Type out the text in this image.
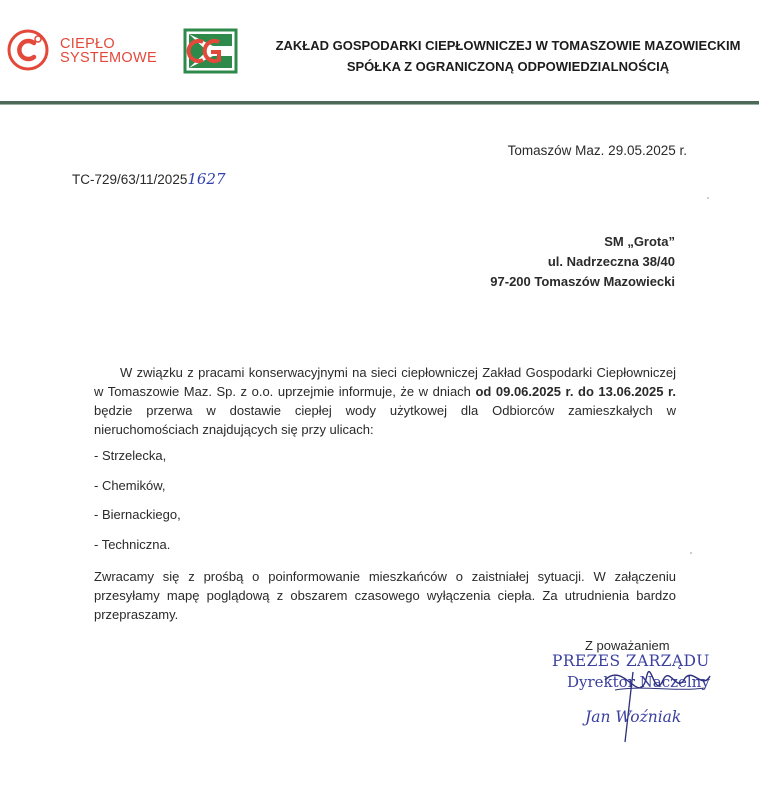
CIEPŁO
SYSTEMOWE
ZAKŁAD GOSPODARKI CIEPŁOWNICZEJ W TOMASZOWIE MAZOWIECKIM
SPÓŁKA Z OGRANICZONĄ ODPOWIEDZIALNOŚCIĄ
Tomaszów Maz. 29.05.2025 r.
TC-729/63/11/20251627
SM „Grota”
ul. Nadrzeczna 38/40
97-200 Tomaszów Mazowiecki
W związku z pracami konserwacyjnymi na sieci ciepłowniczej Zakład Gospodarki Ciepłowniczej w Tomaszowie Maz. Sp. z o.o. uprzejmie informuje, że w dniach od 09.06.2025 r. do 13.06.2025 r. będzie przerwa w dostawie ciepłej wody użytkowej dla Odbiorców zamieszkałych w nieruchomościach znajdujących się przy ulicach:
- Strzelecka,
- Chemików,
- Biernackiego,
- Techniczna.
Zwracamy się z prośbą o poinformowanie mieszkańców o zaistniałej sytuacji. W załączeniu przesyłamy mapę poglądową z obszarem czasowego wyłączenia ciepła. Za utrudnienia bardzo przepraszamy.
Z poważaniem
PREZES ZARZĄDU
Dyrektor Naczelny
Jan Woźniak
